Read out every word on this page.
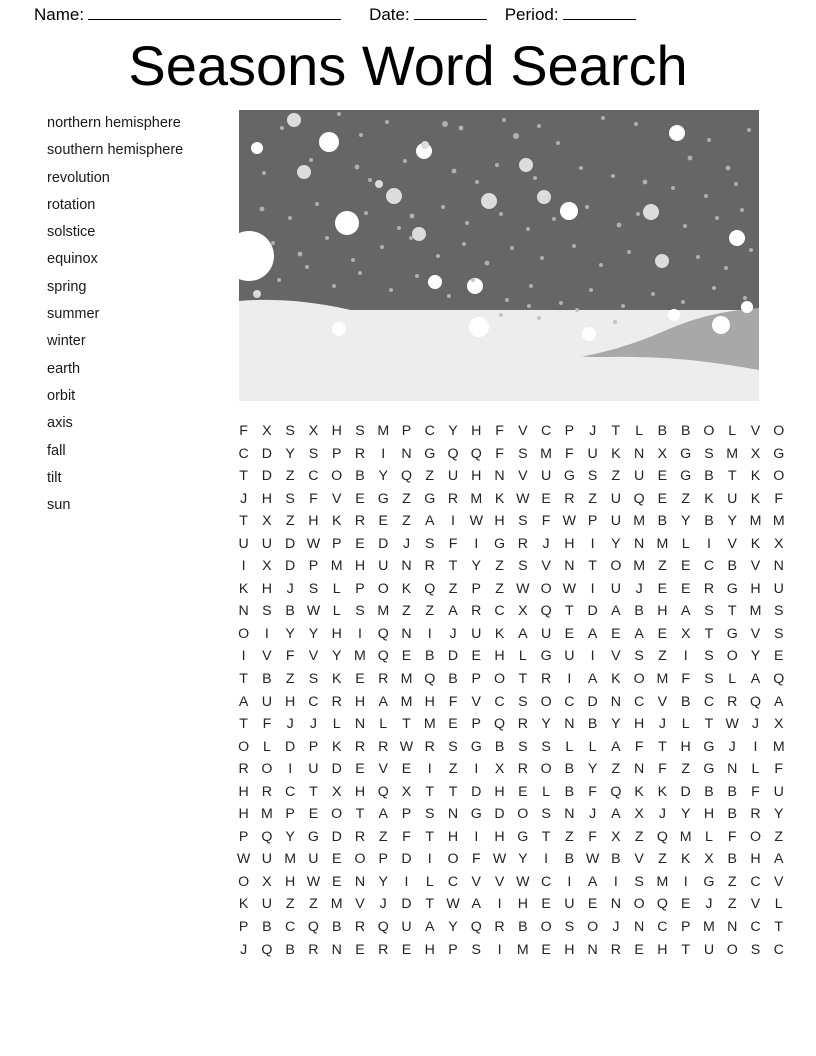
Name:	Date:	Period:
Seasons Word Search
northern hemisphere
southern hemisphere
revolution
rotation
solstice
equinox
spring
summer
winter
earth
orbit
axis
fall
tilt
sun
F X S X H S M P C Y H F V C P	J	T	L	B B O L	V O
C D Y S P R	I	N G Q Q F S M F U K N X G S M X G
T D Z C O B Y Q Z U H N V U G S	Z U E G B	T K O
J	H S	F V E G Z G R M K W E R Z U Q E	Z K U K	F
T X	Z H K R E	Z A	I	W H S	F W P U M B Y B Y M M
U U D W P E D	J	S	F	I	G R	J	H	I	Y N M L	I	V K X
I	X D P M H U N R T Y	Z S V N T O M Z E C B V N
K H	J	S	L	P O K Q Z P	Z W O W	I	U	J	E E R G H U
N S B W L	S M Z	Z A R C X Q T D A B H A S	T M S
O	I	Y Y H	I	Q N	I	J	U K A U E A E A E X	T G V S
I	V	F V Y M Q E B D E H	L G U	I	V S	Z	I	S O Y E
T B	Z S K E R M Q B P O T R	I	A K O M F S	L	A Q
A U H C R H A M H F V C S O C D N C V B C R Q A
T	F	J	J	L N	L	T M E P Q R Y N B Y H	J	L	T W J	X
O L D P K R R W R S G B S S	L	L	A	F	T H G J	I	M
R O	I	U D E V E	I	Z	I	X R O B Y	Z N F	Z G N	L	F
H R C T X H Q X	T	T D H E	L	B	F Q K K D B B	F U
H M P E O T A P S N G D O S N	J	A X	J	Y H B R Y
P Q Y G D R Z	F	T H	I	H G T	Z	F X	Z Q M L	F O Z
W U M U E O P D	I	O F W Y	I	B W B V	Z K X B H A
O X H W E N Y	I	L C V V W C	I	A	I	S M	I	G Z C V
K U Z	Z M V	J	D T W A	I	H E U E N O Q E	J	Z V	L
P B C Q B R Q U A Y Q R B O S O J	N C P M N C T
J	Q B R N E R E H P S	I	M E H N R E H T U O S C
